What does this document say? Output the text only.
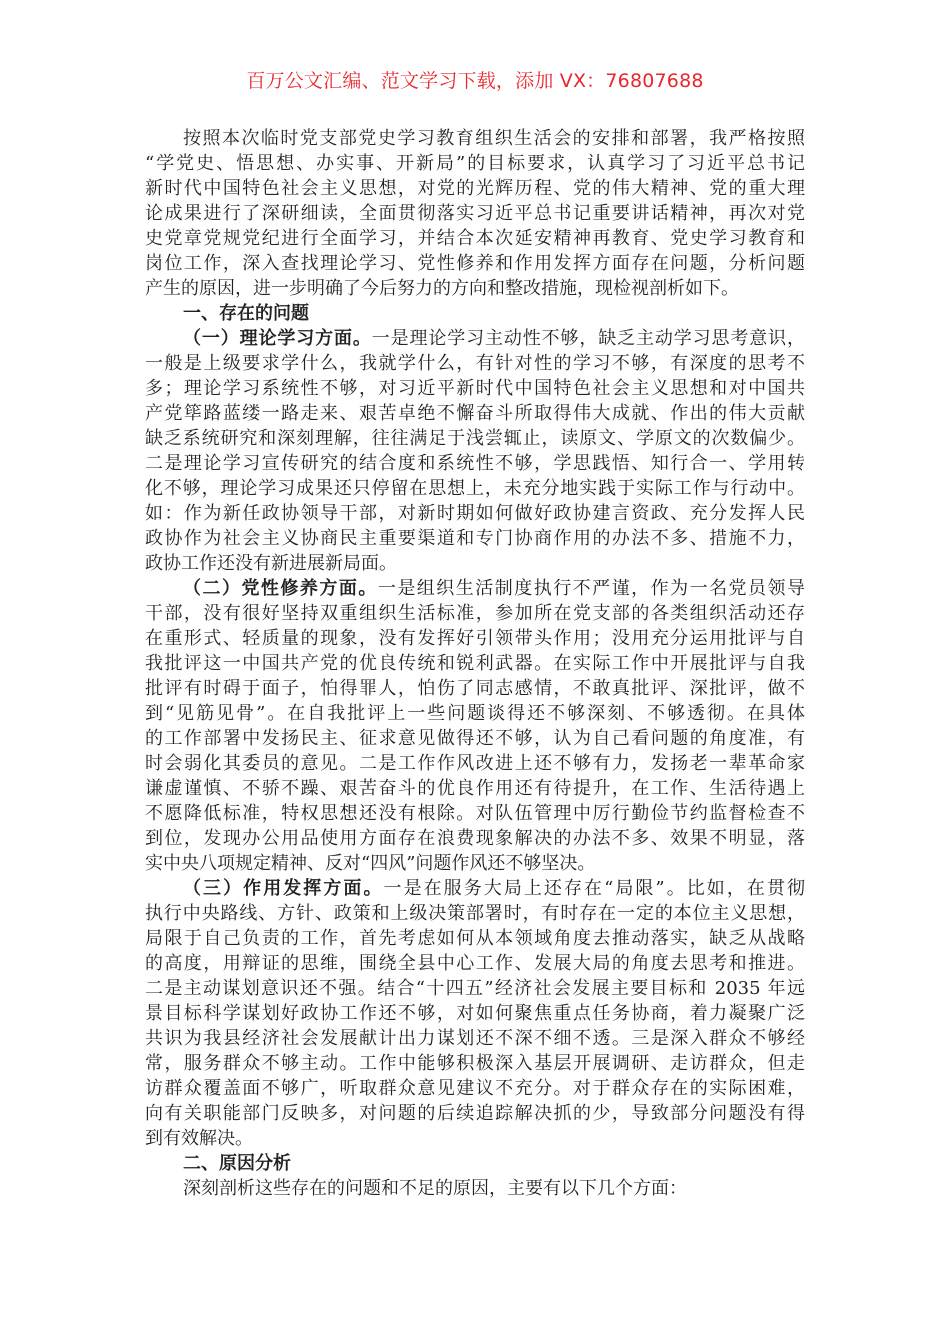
百万公文汇编、范文学习下载，添加 VX：76807688
按照本次临时党支部党史学习教育组织生活会的安排和部署，我严格按照
“学党史、悟思想、办实事、开新局”的目标要求，认真学习了习近平总书记
新时代中国特色社会主义思想，对党的光辉历程、党的伟大精神、党的重大理
论成果进行了深研细读，全面贯彻落实习近平总书记重要讲话精神，再次对党
史党章党规党纪进行全面学习，并结合本次延安精神再教育、党史学习教育和
岗位工作，深入查找理论学习、党性修养和作用发挥方面存在问题，分析问题
产生的原因，进一步明确了今后努力的方向和整改措施，现检视剖析如下。
一、存在的问题
（一）理论学习方面。一是理论学习主动性不够，缺乏主动学习思考意识，
一般是上级要求学什么，我就学什么，有针对性的学习不够，有深度的思考不
多；理论学习系统性不够，对习近平新时代中国特色社会主义思想和对中国共
产党筚路蓝缕一路走来、艰苦卓绝不懈奋斗所取得伟大成就、作出的伟大贡献
缺乏系统研究和深刻理解，往往满足于浅尝辄止，读原文、学原文的次数偏少。
二是理论学习宣传研究的结合度和系统性不够，学思践悟、知行合一、学用转
化不够，理论学习成果还只停留在思想上，未充分地实践于实际工作与行动中。
如：作为新任政协领导干部，对新时期如何做好政协建言资政、充分发挥人民
政协作为社会主义协商民主重要渠道和专门协商作用的办法不多、措施不力，
政协工作还没有新进展新局面。
（二）党性修养方面。一是组织生活制度执行不严谨，作为一名党员领导
干部，没有很好坚持双重组织生活标准，参加所在党支部的各类组织活动还存
在重形式、轻质量的现象，没有发挥好引领带头作用；没用充分运用批评与自
我批评这一中国共产党的优良传统和锐利武器。在实际工作中开展批评与自我
批评有时碍于面子，怕得罪人，怕伤了同志感情，不敢真批评、深批评，做不
到“见筋见骨”。在自我批评上一些问题谈得还不够深刻、不够透彻。在具体
的工作部署中发扬民主、征求意见做得还不够，认为自己看问题的角度准，有
时会弱化其委员的意见。二是工作作风改进上还不够有力，发扬老一辈革命家
谦虚谨慎、不骄不躁、艰苦奋斗的优良作用还有待提升，在工作、生活待遇上
不愿降低标准，特权思想还没有根除。对队伍管理中厉行勤俭节约监督检查不
到位，发现办公用品使用方面存在浪费现象解决的办法不多、效果不明显，落
实中央八项规定精神、反对“四风”问题作风还不够坚决。
（三）作用发挥方面。一是在服务大局上还存在“局限”。比如，在贯彻
执行中央路线、方针、政策和上级决策部署时，有时存在一定的本位主义思想，
局限于自己负责的工作，首先考虑如何从本领域角度去推动落实，缺乏从战略
的高度，用辩证的思维，围绕全县中心工作、发展大局的角度去思考和推进。
二是主动谋划意识还不强。结合“十四五”经济社会发展主要目标和 2035 年远
景目标科学谋划好政协工作还不够，对如何聚焦重点任务协商，着力凝聚广泛
共识为我县经济社会发展献计出力谋划还不深不细不透。三是深入群众不够经
常，服务群众不够主动。工作中能够积极深入基层开展调研、走访群众，但走
访群众覆盖面不够广，听取群众意见建议不充分。对于群众存在的实际困难，
向有关职能部门反映多，对问题的后续追踪解决抓的少，导致部分问题没有得
到有效解决。
二、原因分析
深刻剖析这些存在的问题和不足的原因，主要有以下几个方面：
